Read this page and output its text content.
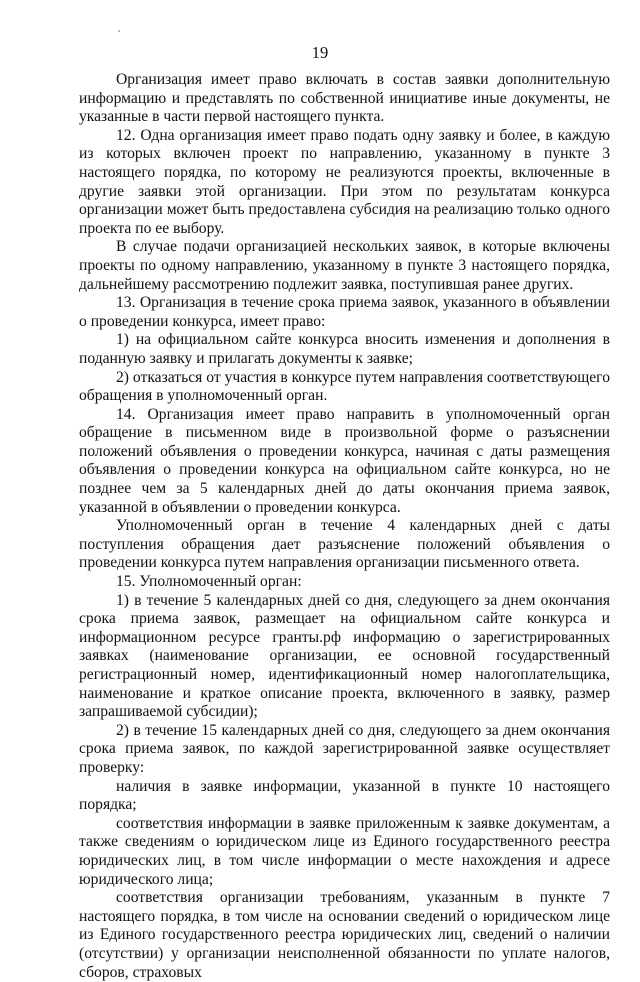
19

Организация имеет право включать в состав заявки дополнительную информацию и представлять по собственной инициативе иные документы, не указанные в части первой настоящего пункта.

12. Одна организация имеет право подать одну заявку и более, в каждую из которых включен проект по направлению, указанному в пункте 3 настоящего порядка, по которому не реализуются проекты, включенные в другие заявки этой организации. При этом по результатам конкурса организации может быть предоставлена субсидия на реализацию только одного проекта по ее выбору.

В случае подачи организацией нескольких заявок, в которые включены проекты по одному направлению, указанному в пункте 3 настоящего порядка, дальнейшему рассмотрению подлежит заявка, поступившая ранее других.

13. Организация в течение срока приема заявок, указанного в объявлении о проведении конкурса, имеет право:

1) на официальном сайте конкурса вносить изменения и дополнения в поданную заявку и прилагать документы к заявке;

2) отказаться от участия в конкурсе путем направления соответствующего обращения в уполномоченный орган.

14. Организация имеет право направить в уполномоченный орган обращение в письменном виде в произвольной форме о разъяснении положений объявления о проведении конкурса, начиная с даты размещения объявления о проведении конкурса на официальном сайте конкурса, но не позднее чем за 5 календарных дней до даты окончания приема заявок, указанной в объявлении о проведении конкурса.

Уполномоченный орган в течение 4 календарных дней с даты поступления обращения дает разъяснение положений объявления о проведении конкурса путем направления организации письменного ответа.

15. Уполномоченный орган:

1) в течение 5 календарных дней со дня, следующего за днем окончания срока приема заявок, размещает на официальном сайте конкурса и информационном ресурсе гранты.рф информацию о зарегистрированных заявках (наименование организации, ее основной государственный регистрационный номер, идентификационный номер налогоплательщика, наименование и краткое описание проекта, включенного в заявку, размер запрашиваемой субсидии);

2) в течение 15 календарных дней со дня, следующего за днем окончания срока приема заявок, по каждой зарегистрированной заявке осуществляет проверку:

наличия в заявке информации, указанной в пункте 10 настоящего порядка;

соответствия информации в заявке приложенным к заявке документам, а также сведениям о юридическом лице из Единого государственного реестра юридических лиц, в том числе информации о месте нахождения и адресе юридического лица;

соответствия организации требованиям, указанным в пункте 7 настоящего порядка, в том числе на основании сведений о юридическом лице из Единого государственного реестра юридических лиц, сведений о наличии (отсутствии) у организации неисполненной обязанности по уплате налогов, сборов, страховых
